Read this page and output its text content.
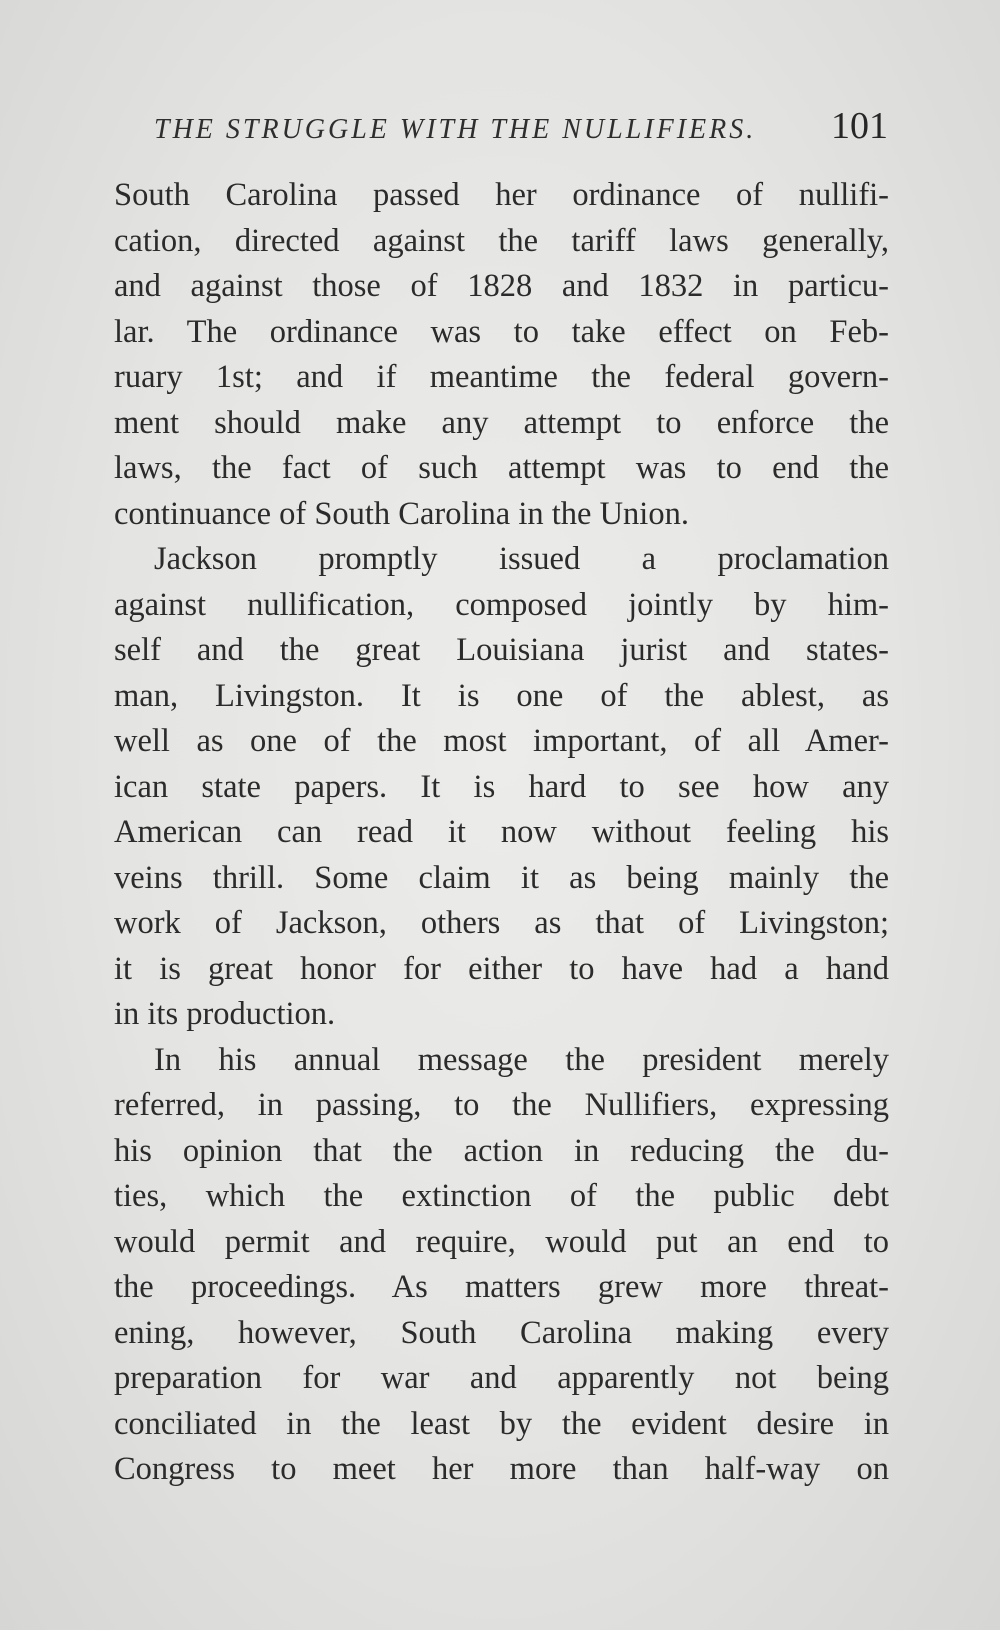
THE STRUGGLE WITH THE NULLIFIERS. 101
South Carolina passed her ordinance of nullifi-
cation, directed against the tariff laws generally,
and against those of 1828 and 1832 in particu-
lar. The ordinance was to take effect on Feb-
ruary 1st; and if meantime the federal govern-
ment should make any attempt to enforce the
laws, the fact of such attempt was to end the
continuance of South Carolina in the Union.
Jackson promptly issued a proclamation
against nullification, composed jointly by him-
self and the great Louisiana jurist and states-
man, Livingston. It is one of the ablest, as
well as one of the most important, of all Amer-
ican state papers. It is hard to see how any
American can read it now without feeling his
veins thrill. Some claim it as being mainly the
work of Jackson, others as that of Livingston;
it is great honor for either to have had a hand
in its production.
In his annual message the president merely
referred, in passing, to the Nullifiers, expressing
his opinion that the action in reducing the du-
ties, which the extinction of the public debt
would permit and require, would put an end to
the proceedings. As matters grew more threat-
ening, however, South Carolina making every
preparation for war and apparently not being
conciliated in the least by the evident desire in
Congress to meet her more than half-way on
